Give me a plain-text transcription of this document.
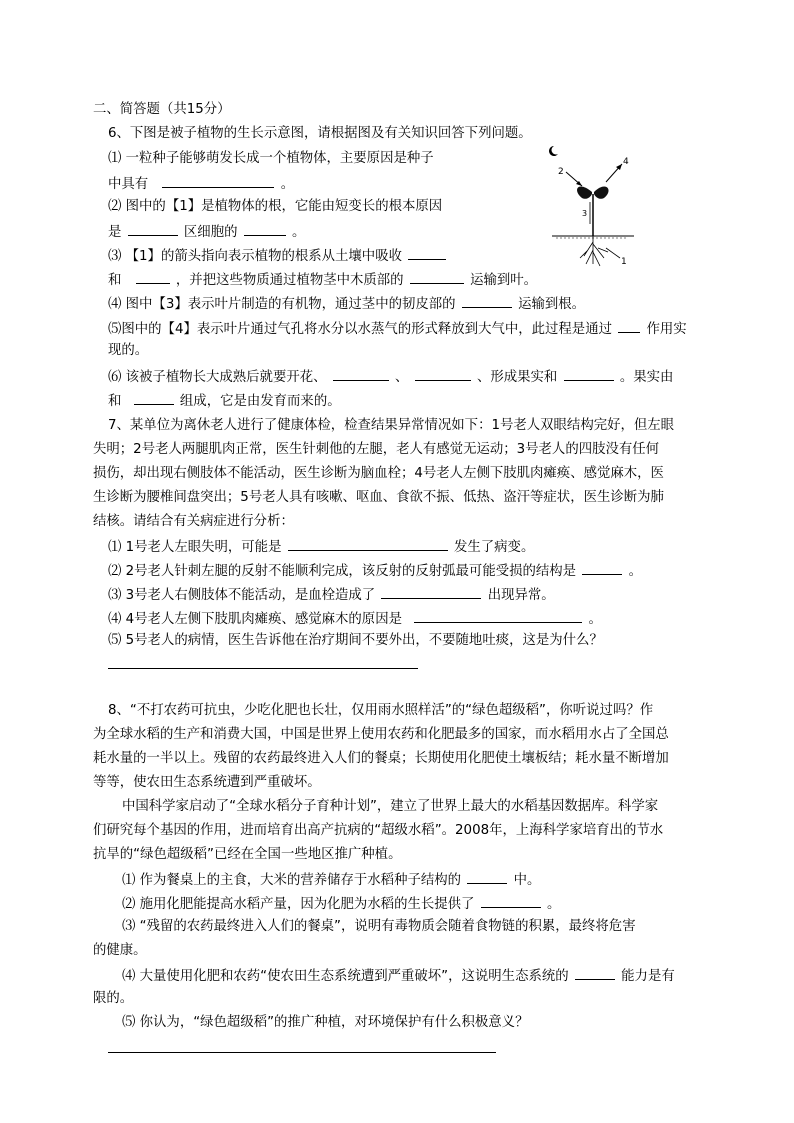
二、简答题（共15分）
6、下图是被子植物的生长示意图，请根据图及有关知识回答下列问题。
⑴ 一粒种子能够萌发长成一个植物体，主要原因是种子
中具有	。
⑵ 图中的【1】是植物体的根，它能由短变长的根本原因
是	区细胞的	。
⑶ 【1】的箭头指向表示植物的根系从土壤中吸收
和	，并把这些物质通过植物茎中木质部的	运输到叶。
⑷ 图中【3】表示叶片制造的有机物，通过茎中的韧皮部的	运输到根。
⑸图中的【4】表示叶片通过气孔将水分以水蒸气的形式释放到大气中，此过程是通过	作用实
现的。
⑹ 该被子植物长大成熟后就要开花、	、	、形成果实和	。果实由
和	组成，它是由发育而来的。
4
2
3
1
7、某单位为离休老人进行了健康体检，检查结果异常情况如下：1号老人双眼结构完好，但左眼
失明；2号老人两腿肌肉正常，医生针刺他的左腿，老人有感觉无运动；3号老人的四肢没有任何
损伤，却出现右侧肢体不能活动，医生诊断为脑血栓；4号老人左侧下肢肌肉瘫痪、感觉麻木，医
生诊断为腰椎间盘突出；5号老人具有咳嗽、呕血、食欲不振、低热、盗汗等症状，医生诊断为肺
结核。请结合有关病症进行分析：
⑴ 1号老人左眼失明，可能是	发生了病变。
⑵ 2号老人针刺左腿的反射不能顺利完成，该反射的反射弧最可能受损的结构是	。
⑶ 3号老人右侧肢体不能活动，是血栓造成了	出现异常。
⑷ 4号老人左侧下肢肌肉瘫痪、感觉麻木的原因是	。
⑸ 5号老人的病情，医生告诉他在治疗期间不要外出，不要随地吐痰，这是为什么？
8、“不打农药可抗虫，少吃化肥也长壮，仅用雨水照样活”的“绿色超级稻”，你听说过吗？作
为全球水稻的生产和消费大国，中国是世界上使用农药和化肥最多的国家，而水稻用水占了全国总
耗水量的一半以上。残留的农药最终进入人们的餐桌；长期使用化肥使土壤板结；耗水量不断增加
等等，使农田生态系统遭到严重破坏。
中国科学家启动了“全球水稻分子育种计划”，建立了世界上最大的水稻基因数据库。科学家
们研究每个基因的作用，进而培育出高产抗病的“超级水稻”。2008年，上海科学家培育出的节水
抗旱的“绿色超级稻”已经在全国一些地区推广种植。
⑴ 作为餐桌上的主食，大米的营养储存于水稻种子结构的	中。
⑵ 施用化肥能提高水稻产量，因为化肥为水稻的生长提供了	。
⑶ “残留的农药最终进入人们的餐桌”，说明有毒物质会随着食物链的积累，最终将危害
的健康。
⑷ 大量使用化肥和农药“使农田生态系统遭到严重破坏”，这说明生态系统的	能力是有
限的。
⑸ 你认为，“绿色超级稻”的推广种植，对环境保护有什么积极意义？
